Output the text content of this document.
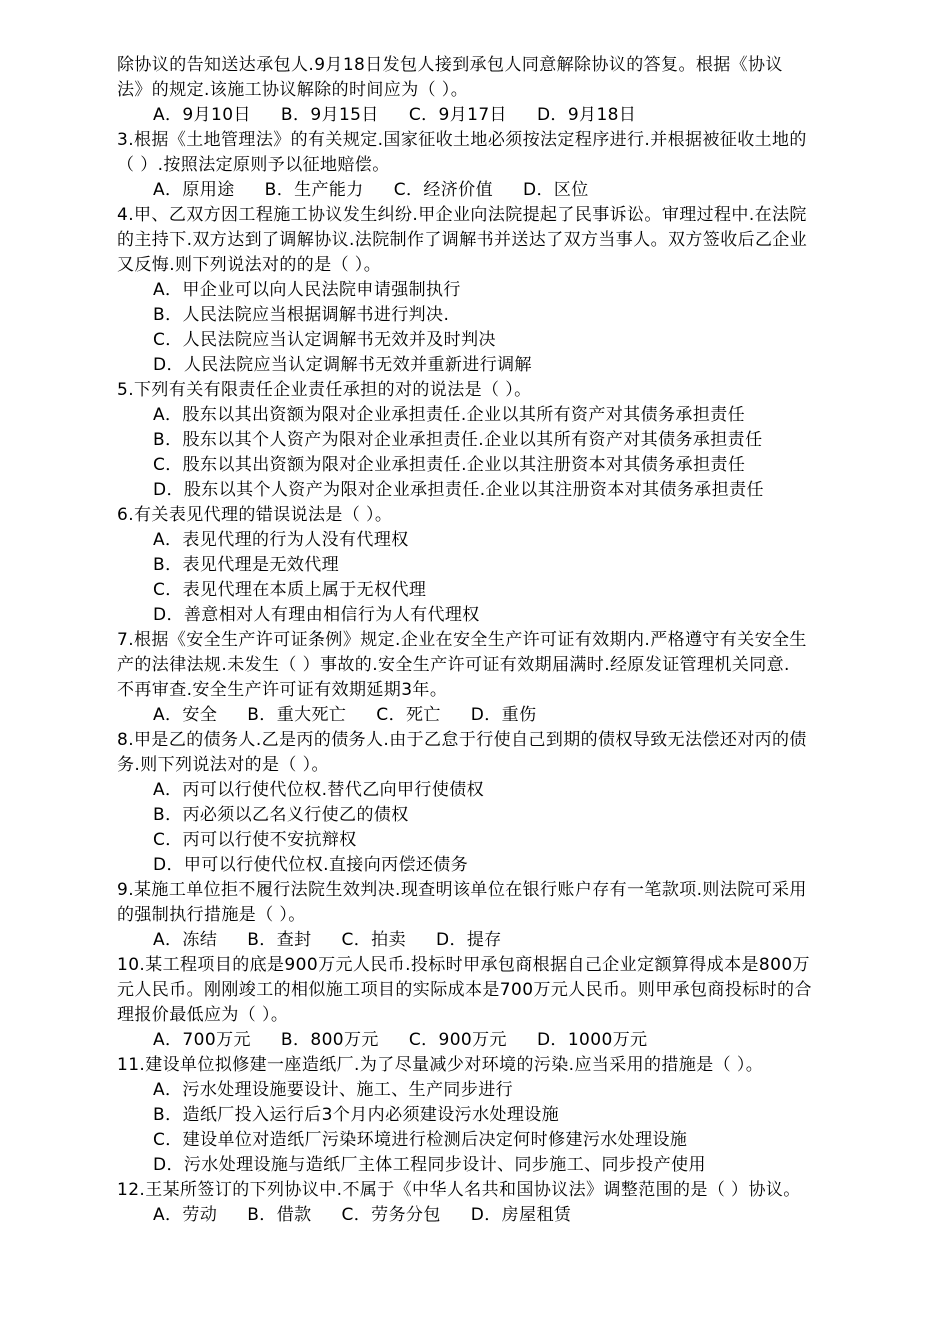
除协议的告知送达承包人.9月18日发包人接到承包人同意解除协议的答复。根据《协议
法》的规定.该施工协议解除的时间应为（ ）。
A．9月10日 B．9月15日 C．9月17日 D．9月18日
3.根据《土地管理法》的有关规定.国家征收土地必须按法定程序进行.并根据被征收土地的
（ ）.按照法定原则予以征地赔偿。
A．原用途 B．生产能力 C．经济价值 D．区位
4.甲、乙双方因工程施工协议发生纠纷.甲企业向法院提起了民事诉讼。审理过程中.在法院
的主持下.双方达到了调解协议.法院制作了调解书并送达了双方当事人。双方签收后乙企业
又反悔.则下列说法对的的是（ ）。
A．甲企业可以向人民法院申请强制执行
B．人民法院应当根据调解书进行判决.
C．人民法院应当认定调解书无效并及时判决
D．人民法院应当认定调解书无效并重新进行调解
5.下列有关有限责任企业责任承担的对的说法是（ ）。
A．股东以其出资额为限对企业承担责任.企业以其所有资产对其债务承担责任
B．股东以其个人资产为限对企业承担责任.企业以其所有资产对其债务承担责任
C．股东以其出资额为限对企业承担责任.企业以其注册资本对其债务承担责任
D．股东以其个人资产为限对企业承担责任.企业以其注册资本对其债务承担责任
6.有关表见代理的错误说法是（ ）。
A．表见代理的行为人没有代理权
B．表见代理是无效代理
C．表见代理在本质上属于无权代理
D．善意相对人有理由相信行为人有代理权
7.根据《安全生产许可证条例》规定.企业在安全生产许可证有效期内.严格遵守有关安全生
产的法律法规.未发生（ ）事故的.安全生产许可证有效期届满时.经原发证管理机关同意.
不再审查.安全生产许可证有效期延期3年。
A．安全 B．重大死亡 C．死亡 D．重伤
8.甲是乙的债务人.乙是丙的债务人.由于乙怠于行使自己到期的债权导致无法偿还对丙的债
务.则下列说法对的是（ ）。
A．丙可以行使代位权.替代乙向甲行使债权
B．丙必须以乙名义行使乙的债权
C．丙可以行使不安抗辩权
D．甲可以行使代位权.直接向丙偿还债务
9.某施工单位拒不履行法院生效判决.现查明该单位在银行账户存有一笔款项.则法院可采用
的强制执行措施是（ ）。
A．冻结 B．查封 C．拍卖 D．提存
10.某工程项目的底是900万元人民币.投标时甲承包商根据自己企业定额算得成本是800万
元人民币。刚刚竣工的相似施工项目的实际成本是700万元人民币。则甲承包商投标时的合
理报价最低应为（ ）。
A．700万元 B．800万元 C．900万元 D．1000万元
11.建设单位拟修建一座造纸厂.为了尽量减少对环境的污染.应当采用的措施是（ ）。
A．污水处理设施要设计、施工、生产同步进行
B．造纸厂投入运行后3个月内必须建设污水处理设施
C．建设单位对造纸厂污染环境进行检测后决定何时修建污水处理设施
D．污水处理设施与造纸厂主体工程同步设计、同步施工、同步投产使用
12.王某所签订的下列协议中.不属于《中华人名共和国协议法》调整范围的是（ ）协议。
A．劳动 B．借款 C．劳务分包 D．房屋租赁
